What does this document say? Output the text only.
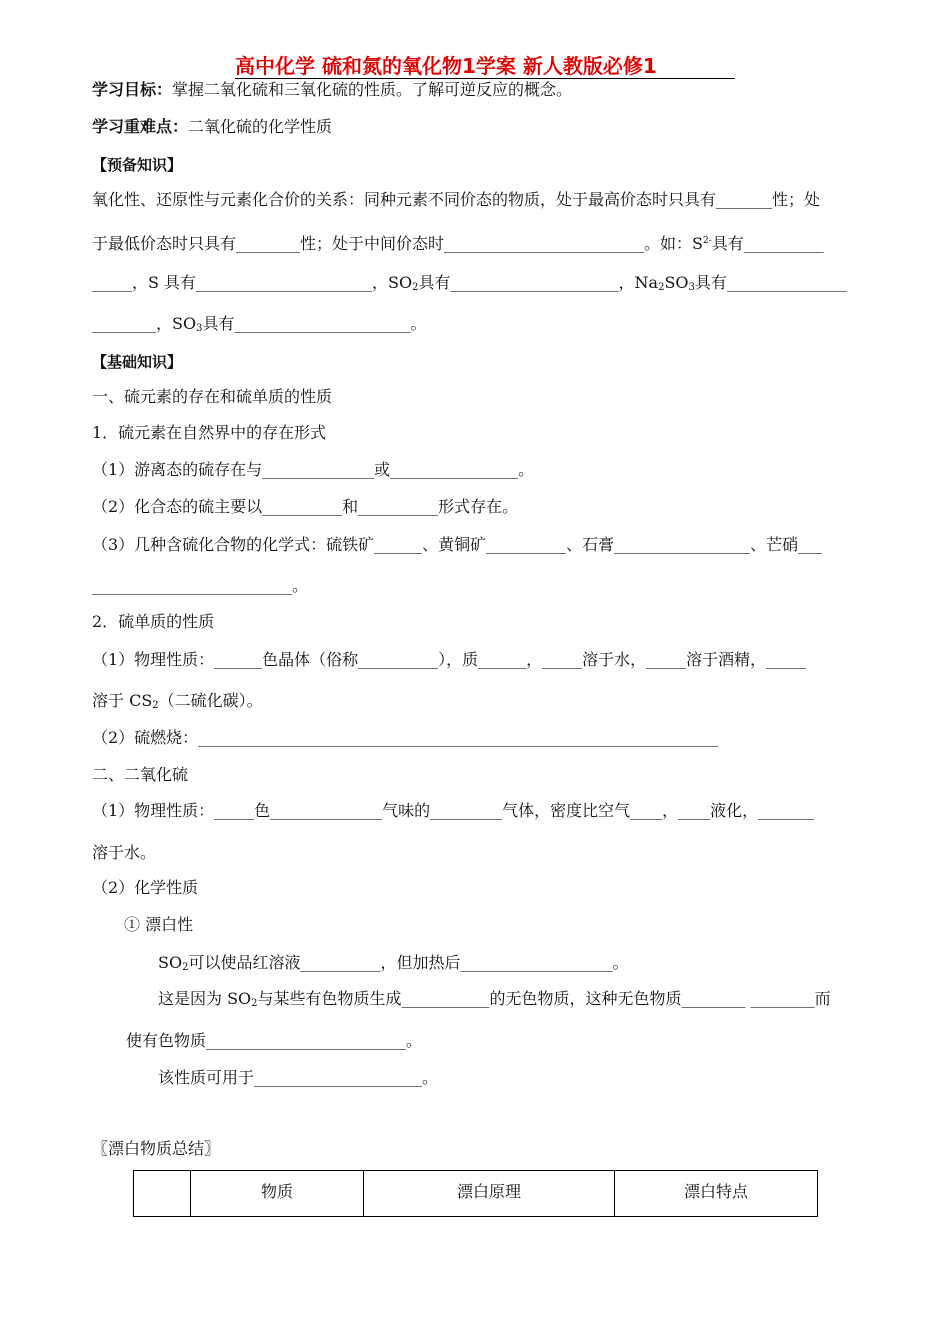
高中化学 硫和氮的氧化物1学案 新人教版必修1
学习目标：掌握二氧化硫和三氧化硫的性质。了解可逆反应的概念。
学习重难点：二氧化硫的化学性质
【预备知识】
氧化性、还原性与元素化合价的关系：同种元素不同价态的物质，处于最高价态时只具有_______性；处
于最低价态时只具有________性；处于中间价态时_________________________。如：$S^{2-}$具有__________
_____，S 具有______________________，$SO_2$具有_____________________，$Na_2SO_3$具有_______________
________，$SO_3$具有______________________。
【基础知识】
一、硫元素的存在和硫单质的性质
1．硫元素在自然界中的存在形式
（1）游离态的硫存在与______________或________________。
（2）化合态的硫主要以__________和__________形式存在。
（3）几种含硫化合物的化学式：硫铁矿______、黄铜矿__________、石膏_________________、芒硝___
_________________________。
2．硫单质的性质
（1）物理性质：______色晶体（俗称__________），质______，_____溶于水，_____溶于酒精，_____
溶于 $CS_2$（二硫化碳）。
（2）硫燃烧：_________________________________________________________________
二、二氧化硫
（1）物理性质：_____色______________气味的_________气体，密度比空气____，____液化，_______
溶于水。
（2）化学性质
① 漂白性
$SO_2$可以使品红溶液__________，但加热后___________________。
这是因为 $SO_2$与某些有色物质生成___________的无色物质，这种无色物质________ ________而
使有色物质_________________________。
该性质可用于_____________________。
〖漂白物质总结〗
	物质	漂白原理	漂白特点
